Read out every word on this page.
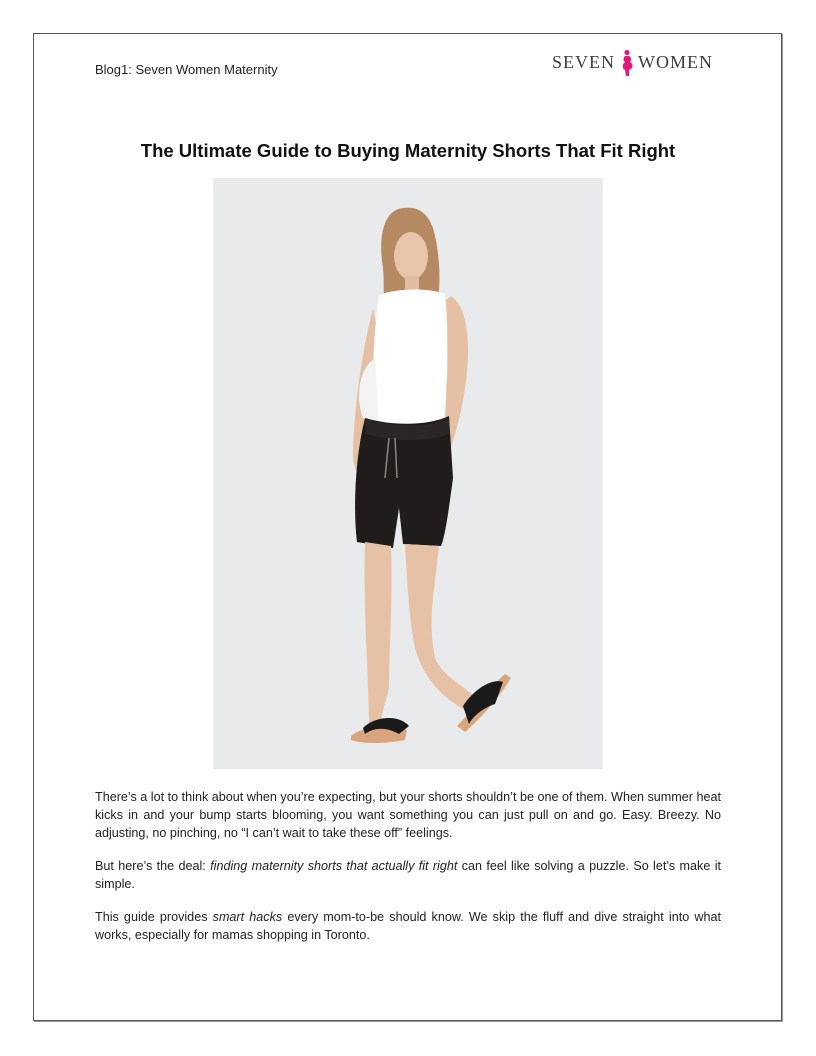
Blog1: Seven Women Maternity	SEVEN WOMEN
The Ultimate Guide to Buying Maternity Shorts That Fit Right

There’s a lot to think about when you’re expecting, but your shorts shouldn’t be one of them. When summer heat kicks in and your bump starts blooming, you want something you can just pull on and go. Easy. Breezy. No adjusting, no pinching, no “I can’t wait to take these off” feelings.

But here’s the deal: finding maternity shorts that actually fit right can feel like solving a puzzle. So let’s make it simple.

This guide provides smart hacks every mom-to-be should know. We skip the fluff and dive straight into what works, especially for mamas shopping in Toronto.
